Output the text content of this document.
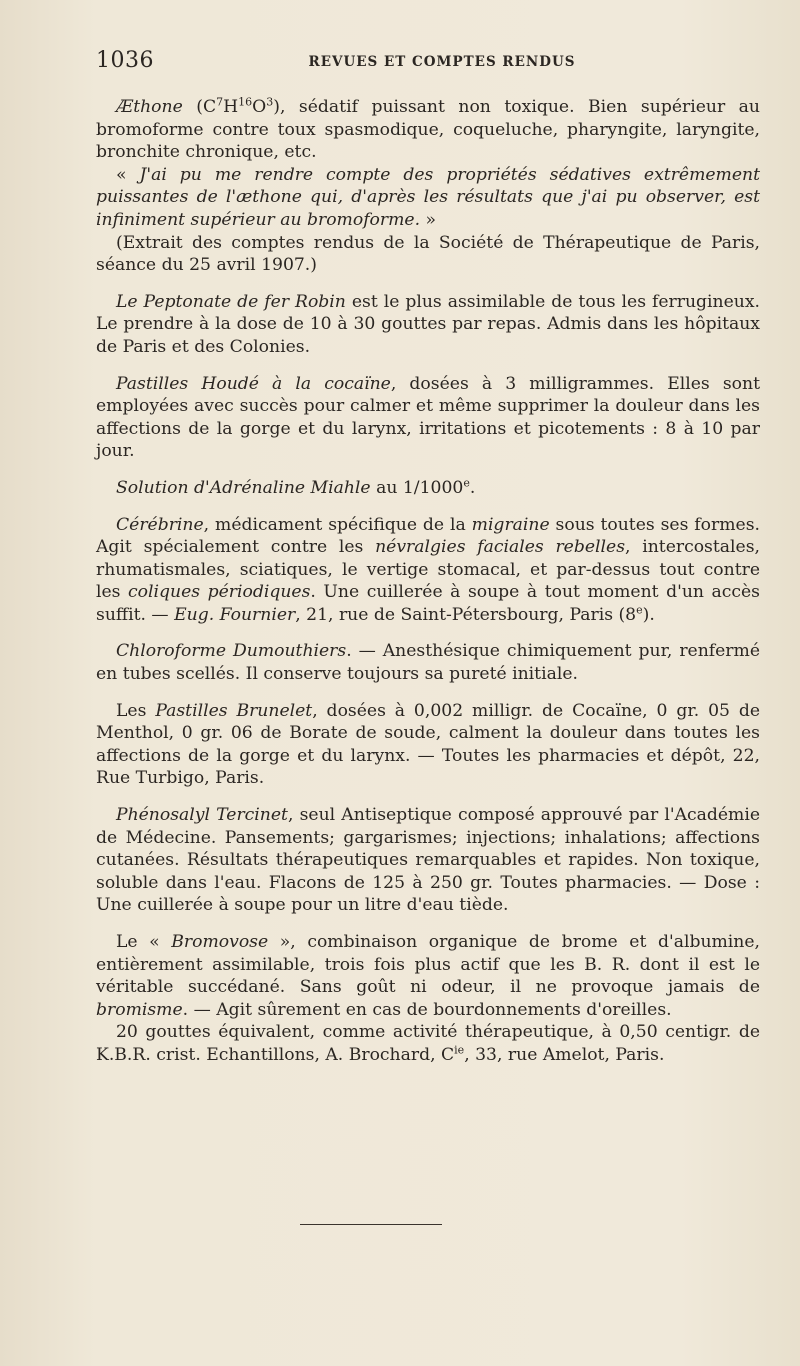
1036	REVUES ET COMPTES RENDUS

Æthone $(C^7H^{16}O^3)$, sédatif puissant non toxique. Bien supérieur au bromoforme contre toux spasmodique, coqueluche, pharyngite, laryngite, bronchite chronique, etc.

« J'ai pu me rendre compte des propriétés sédatives extrêmement puissantes de l'æthone qui, d'après les résultats que j'ai pu observer, est infiniment supérieur au bromoforme. »

(Extrait des comptes rendus de la Société de Thérapeutique de Paris, séance du 25 avril 1907.)

Le Peptonate de fer Robin est le plus assimilable de tous les ferrugineux. Le prendre à la dose de 10 à 30 gouttes par repas. Admis dans les hôpitaux de Paris et des Colonies.

Pastilles Houdé à la cocaïne, dosées à 3 milligrammes. Elles sont employées avec succès pour calmer et même supprimer la douleur dans les affections de la gorge et du larynx, irritations et picotements : 8 à 10 par jour.

Solution d'Adrénaline Miahle au 1/1000e.

Cérébrine, médicament spécifique de la migraine sous toutes ses formes. Agit spécialement contre les névralgies faciales rebelles, intercostales, rhumatismales, sciatiques, le vertige stomacal, et par-dessus tout contre les coliques périodiques. Une cuillerée à soupe à tout moment d'un accès suffit. — Eug. Fournier, 21, rue de Saint-Pétersbourg, Paris (8e).

Chloroforme Dumouthiers. — Anesthésique chimiquement pur, renfermé en tubes scellés. Il conserve toujours sa pureté initiale.

Les Pastilles Brunelet, dosées à 0,002 milligr. de Cocaïne, 0 gr. 05 de Menthol, 0 gr. 06 de Borate de soude, calment la douleur dans toutes les affections de la gorge et du larynx. — Toutes les pharmacies et dépôt, 22, Rue Turbigo, Paris.

Phénosalyl Tercinet, seul Antiseptique composé approuvé par l'Académie de Médecine. Pansements; gargarismes; injections; inhalations; affections cutanées. Résultats thérapeutiques remarquables et rapides. Non toxique, soluble dans l'eau. Flacons de 125 à 250 gr. Toutes pharmacies. — Dose : Une cuillerée à soupe pour un litre d'eau tiède.

Le « Bromovose », combinaison organique de brome et d'albumine, entièrement assimilable, trois fois plus actif que les B. R. dont il est le véritable succédané. Sans goût ni odeur, il ne provoque jamais de bromisme. — Agit sûrement en cas de bourdonnements d'oreilles.

20 gouttes équivalent, comme activité thérapeutique, à 0,50 centigr. de K.B.R. crist. Echantillons, A. Brochard, $C^{ie}$, 33, rue Amelot, Paris.
